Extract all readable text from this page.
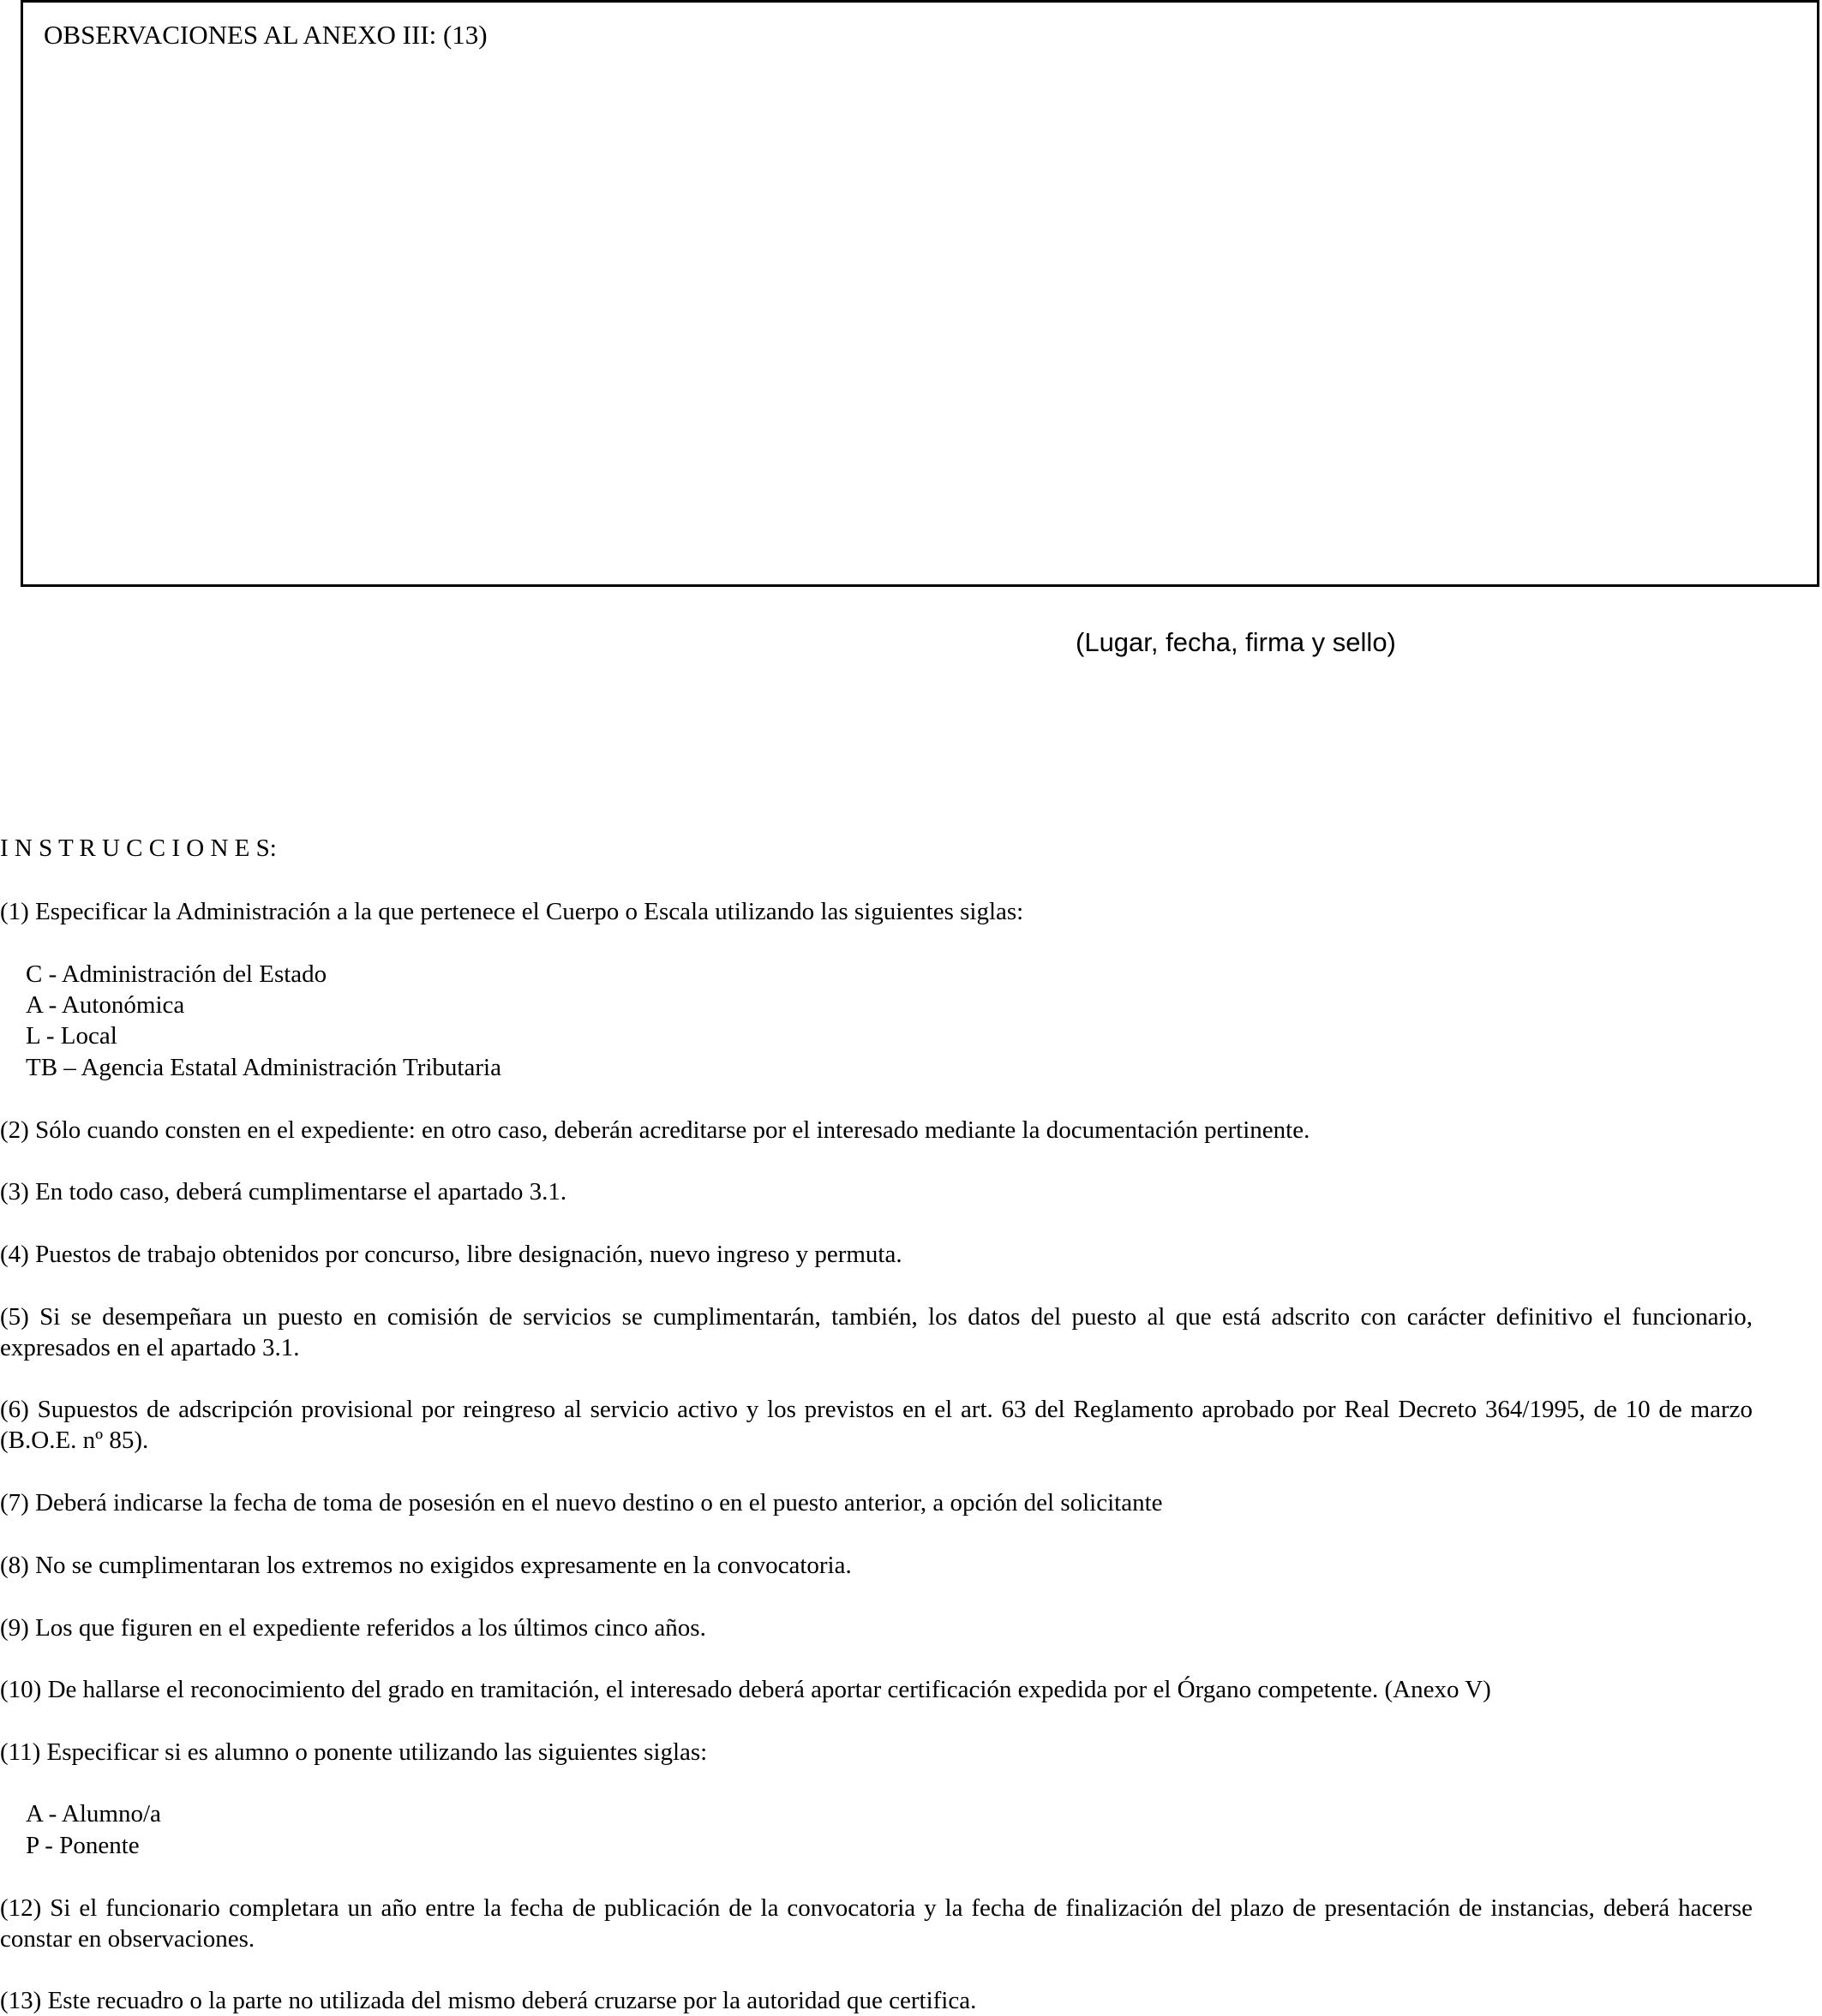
OBSERVACIONES AL ANEXO III: (13)
(Lugar, fecha, firma y sello)
I N S T R U C C I O N E S:
(1) Especificar la Administración a la que pertenece el Cuerpo o Escala utilizando las siguientes siglas:
C - Administración del Estado
A - Autonómica
L - Local
TB – Agencia Estatal Administración Tributaria
(2) Sólo cuando consten en el expediente: en otro caso, deberán acreditarse por el interesado mediante la documentación pertinente.
(3) En todo caso, deberá cumplimentarse el apartado 3.1.
(4) Puestos de trabajo obtenidos por concurso, libre designación, nuevo ingreso y permuta.
(5) Si se desempeñara un puesto en comisión de servicios se cumplimentarán, también, los datos del puesto al que está adscrito con carácter definitivo el funcionario, expresados en el apartado 3.1.
(6) Supuestos de adscripción provisional por reingreso al servicio activo y los previstos en el art. 63 del Reglamento aprobado por Real Decreto 364/1995, de 10 de marzo (B.O.E. nº 85).
(7) Deberá indicarse la fecha de toma de posesión en el nuevo destino o en el puesto anterior, a opción del solicitante
(8) No se cumplimentaran los extremos no exigidos expresamente en la convocatoria.
(9) Los que figuren en el expediente referidos a los últimos cinco años.
(10) De hallarse el reconocimiento del grado en tramitación, el interesado deberá aportar certificación expedida por el Órgano competente. (Anexo V)
(11) Especificar si es alumno o ponente utilizando las siguientes siglas:
A - Alumno/a
P - Ponente
(12) Si el funcionario completara un año entre la fecha de publicación de la convocatoria y la fecha de finalización del plazo de presentación de instancias, deberá hacerse constar en observaciones.
(13) Este recuadro o la parte no utilizada del mismo deberá cruzarse por la autoridad que certifica.
